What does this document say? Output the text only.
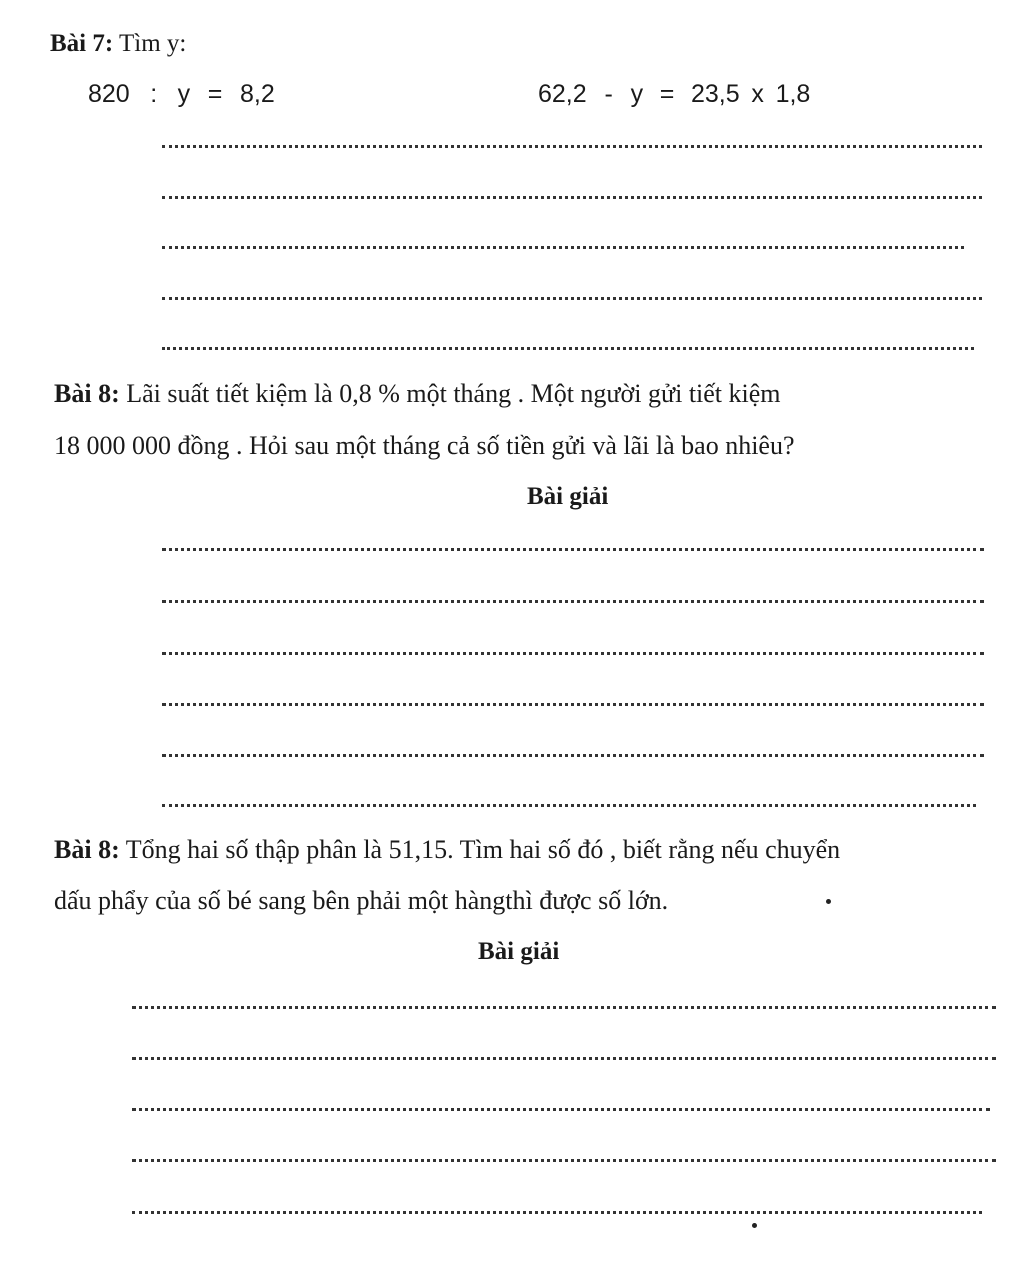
Bài 7: Tìm y:
820 : y = 8,2	62,2 - y = 23,5 x 1,8
Bài 8: Lãi suất tiết kiệm là 0,8 % một tháng . Một người gửi tiết kiệm
18 000 000 đồng . Hỏi sau một tháng cả số tiền gửi và lãi là bao nhiêu?
Bài giải
Bài 8: Tổng hai số thập phân là 51,15. Tìm hai số đó , biết rằng nếu chuyển
dấu phẩy của số bé sang bên phải một hàngthì được số lớn.
Bài giải
